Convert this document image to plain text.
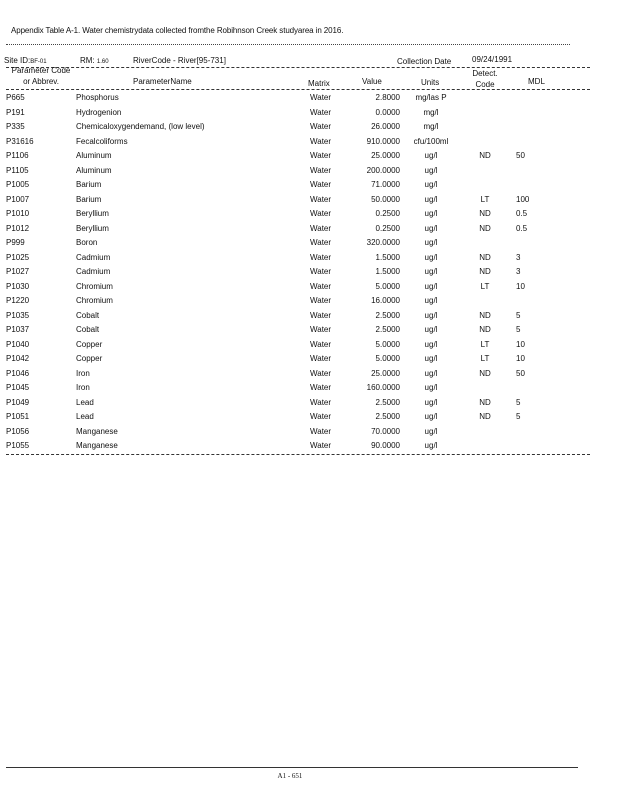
Appendix Table A-1. Water chemistrydata collected fromthe Robihnson Creek studyarea in 2016.
Site ID:BF-01	RM: 1.60	RiverCode - River[95-731]	Collection Date	09/24/1991
Parameter Code
or Abbrev.	ParameterName	Matrix	Value	Units
Detect.
Code	MDL
P665	Phosphorus	Water	2.8000	mg/las P
P191	Hydrogenion	Water	0.0000	mg/l
P335	Chemicaloxygendemand, (low level)	Water	26.0000	mg/l
P31616	Fecalcoliforms	Water	910.0000	cfu/100ml
P1106	Aluminum	Water	25.0000	ug/l	ND	50
P1105	Aluminum	Water	200.0000	ug/l
P1005	Barium	Water	71.0000	ug/l
P1007	Barium	Water	50.0000	ug/l	LT	100
P1010	Beryllium	Water	0.2500	ug/l	ND	0.5
P1012	Beryllium	Water	0.2500	ug/l	ND	0.5
P999	Boron	Water	320.0000	ug/l
P1025	Cadmium	Water	1.5000	ug/l	ND	3
P1027	Cadmium	Water	1.5000	ug/l	ND	3
P1030	Chromium	Water	5.0000	ug/l	LT	10
P1220	Chromium	Water	16.0000	ug/l
P1035	Cobalt	Water	2.5000	ug/l	ND	5
P1037	Cobalt	Water	2.5000	ug/l	ND	5
P1040	Copper	Water	5.0000	ug/l	LT	10
P1042	Copper	Water	5.0000	ug/l	LT	10
P1046	Iron	Water	25.0000	ug/l	ND	50
P1045	Iron	Water	160.0000	ug/l
P1049	Lead	Water	2.5000	ug/l	ND	5
P1051	Lead	Water	2.5000	ug/l	ND	5
P1056	Manganese	Water	70.0000	ug/l
P1055	Manganese	Water	90.0000	ug/l
A1 - 651
